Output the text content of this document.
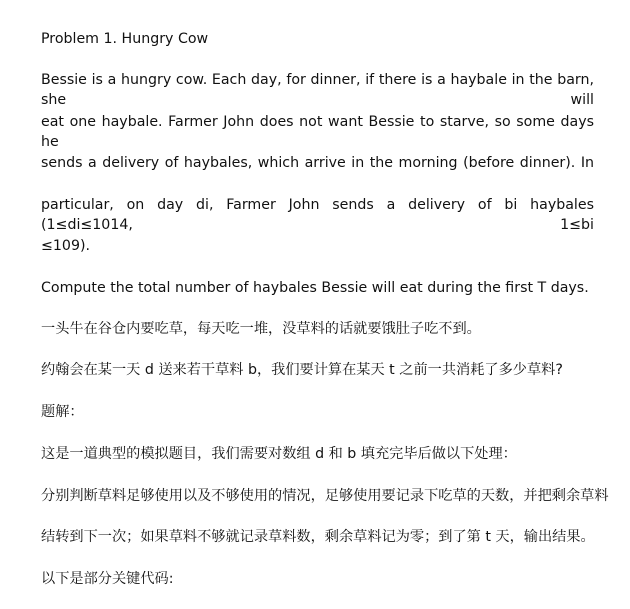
Problem 1. Hungry Cow
Bessie is a hungry cow. Each day, for dinner, if there is a haybale in the barn, she will
eat one haybale. Farmer John does not want Bessie to starve, so some days he
sends a delivery of haybales, which arrive in the morning (before dinner). In
particular, on day di, Farmer John sends a delivery of bi haybales (1≤di≤1014, 1≤bi
≤109).
Compute the total number of haybales Bessie will eat during the first T days.
一头牛在谷仓内要吃草，每天吃一堆，没草料的话就要饿肚子吃不到。
约翰会在某一天 d 送来若干草料 b，我们要计算在某天 t 之前一共消耗了多少草料?
题解：
这是一道典型的模拟题目，我们需要对数组 d 和 b 填充完毕后做以下处理：
分别判断草料足够使用以及不够使用的情况，足够使用要记录下吃草的天数，并把剩余草料
结转到下一次；如果草料不够就记录草料数，剩余草料记为零；到了第 t 天，输出结果。
以下是部分关键代码:
